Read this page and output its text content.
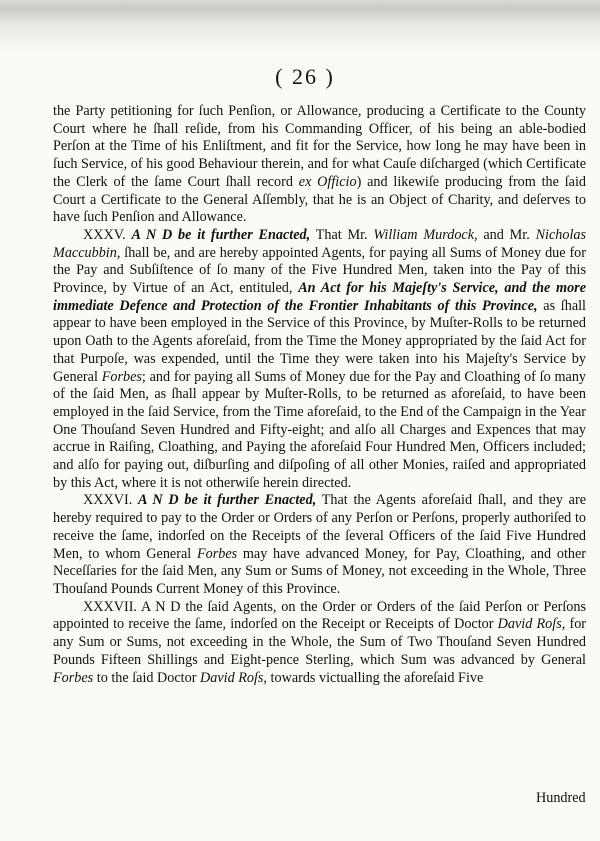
( 26 )

the Party petitioning for ſuch Penſion, or Allowance, producing a Certificate to the County Court where he ſhall reſide, from his Commanding Officer, of his being an able-bodied Perſon at the Time of his Enliſtment, and fit for the Service, how long he may have been in ſuch Service, of his good Behaviour therein, and for what Cauſe diſcharged (which Certificate the Clerk of the ſame Court ſhall record ex Officio) and likewiſe producing from the ſaid Court a Certificate to the General Aſſembly, that he is an Object of Charity, and deſerves to have ſuch Penſion and Allowance.

XXXV. A N D be it further Enacted, That Mr. William Murdock, and Mr. Nicholas Maccubbin, ſhall be, and are hereby appointed Agents, for paying all Sums of Money due for the Pay and Subſiſtence of ſo many of the Five Hundred Men, taken into the Pay of this Province, by Virtue of an Act, entituled, An Act for his Majeſty's Service, and the more immediate Defence and Protection of the Frontier Inhabitants of this Province, as ſhall appear to have been employed in the Service of this Province, by Muſter-Rolls to be returned upon Oath to the Agents aforeſaid, from the Time the Money appropriated by the ſaid Act for that Purpoſe, was expended, until the Time they were taken into his Majeſty's Service by General Forbes; and for paying all Sums of Money due for the Pay and Cloathing of ſo many of the ſaid Men, as ſhall appear by Muſter-Rolls, to be returned as aforeſaid, to have been employed in the ſaid Service, from the Time aforeſaid, to the End of the Campaign in the Year One Thouſand Seven Hundred and Fifty-eight; and alſo all Charges and Expences that may accrue in Raiſing, Cloathing, and Paying the aforeſaid Four Hundred Men, Officers included; and alſo for paying out, diſburſing and diſpoſing of all other Monies, raiſed and appropriated by this Act, where it is not otherwiſe herein directed.

XXXVI. A N D be it further Enacted, That the Agents aforeſaid ſhall, and they are hereby required to pay to the Order or Orders of any Perſon or Perſons, properly authoriſed to receive the ſame, indorſed on the Receipts of the ſeveral Officers of the ſaid Five Hundred Men, to whom General Forbes may have advanced Money, for Pay, Cloathing, and other Neceſſaries for the ſaid Men, any Sum or Sums of Money, not exceeding in the Whole, Three Thouſand Pounds Current Money of this Province.

XXXVII. A N D the ſaid Agents, on the Order or Orders of the ſaid Perſon or Perſons appointed to receive the ſame, indorſed on the Receipt or Receipts of Doctor David Roſs, for any Sum or Sums, not exceeding in the Whole, the Sum of Two Thouſand Seven Hundred Pounds Fifteen Shillings and Eight-pence Sterling, which Sum was advanced by General Forbes to the ſaid Doctor David Roſs, towards victualling the aforeſaid Five

Hundred
